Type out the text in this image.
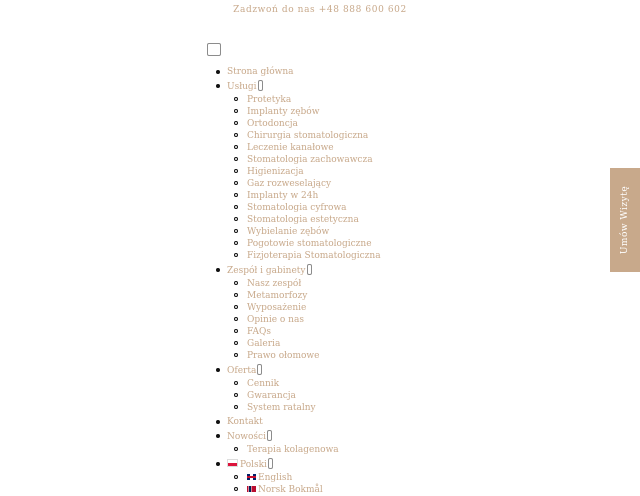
Zadzwoń do nas +48 888 600 602
Strona główna
Usługi
Protetyka
Implanty zębów
Ortodoncja
Chirurgia stomatologiczna
Leczenie kanałowe
Stomatologia zachowawcza
Higienizacja
Gaz rozweselający
Implanty w 24h
Stomatologia cyfrowa
Stomatologia estetyczna
Wybielanie zębów
Pogotowie stomatologiczne
Fizjoterapia Stomatologiczna
Zespół i gabinety
Nasz zespół
Metamorfozy
Wyposażenie
Opinie o nas
FAQs
Galeria
Prawo ołomowe
Oferta
Cennik
Gwarancja
System ratalny
Kontakt
Nowości
Terapia kolagenowa
Polski
English
Norsk Bokmål
Umów Wizytę
